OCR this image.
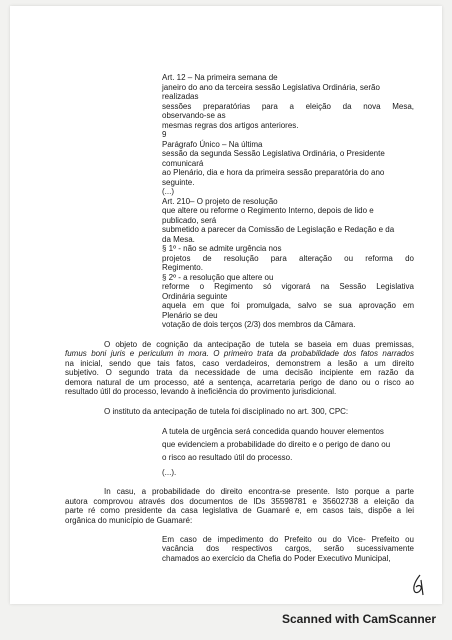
Art. 12 – Na primeira semana de
janeiro do ano da terceira sessão Legislativa Ordinária, serão
realizadas
sessões preparatórias para a eleição da nova Mesa,
observando-se as
mesmas regras dos artigos anteriores.
9
Parágrafo Único – Na última
sessão da segunda Sessão Legislativa Ordinária, o Presidente
comunicará
ao Plenário, dia e hora da primeira sessão preparatória do ano
seguinte.
(...)
Art. 210– O projeto de resolução
que altere ou reforme o Regimento Interno, depois de lido e
publicado, será
submetido a parecer da Comissão de Legislação e Redação e da
da Mesa.
§ 1º - não se admite urgência nos
projetos de resolução para alteração ou reforma do
Regimento.
§ 2º - a resolução que altere ou
reforme o Regimento só vigorará na Sessão Legislativa
Ordinária seguinte
aquela em que foi promulgada, salvo se sua aprovação em
Plenário se deu
votação de dois terços (2/3) dos membros da Câmara.
O objeto de cognição da antecipação de tutela se baseia em duas premissas,
fumus boni juris e periculum in mora. O primeiro trata da probabilidade dos fatos narrados
na inicial, sendo que tais fatos, caso verdadeiros, demonstrem a lesão a um direito
subjetivo. O segundo trata da necessidade de uma decisão incipiente em razão da
demora natural de um processo, até a sentença, acarretaria perigo de dano ou o risco ao
resultado útil do processo, levando à ineficiência do provimento jurisdicional.
O instituto da antecipação de tutela foi disciplinado no art. 300, CPC:
A tutela de urgência será concedida quando houver elementos
que evidenciem a probabilidade do direito e o perigo de dano ou
o risco ao resultado útil do processo.
(...).
In casu, a probabilidade do direito encontra-se presente. Isto porque a parte
autora comprovou através dos documentos de IDs 35598781 e 35602738 a eleição da
parte ré como presidente da casa legislativa de Guamaré e, em casos tais, dispõe a lei
orgânica do município de Guamaré:
Em caso de impedimento do Prefeito ou do Vice- Prefeito ou
vacância dos respectivos cargos, serão sucessivamente
chamados ao exercício da Chefia do Poder Executivo Municipal,
Scanned with CamScanner
